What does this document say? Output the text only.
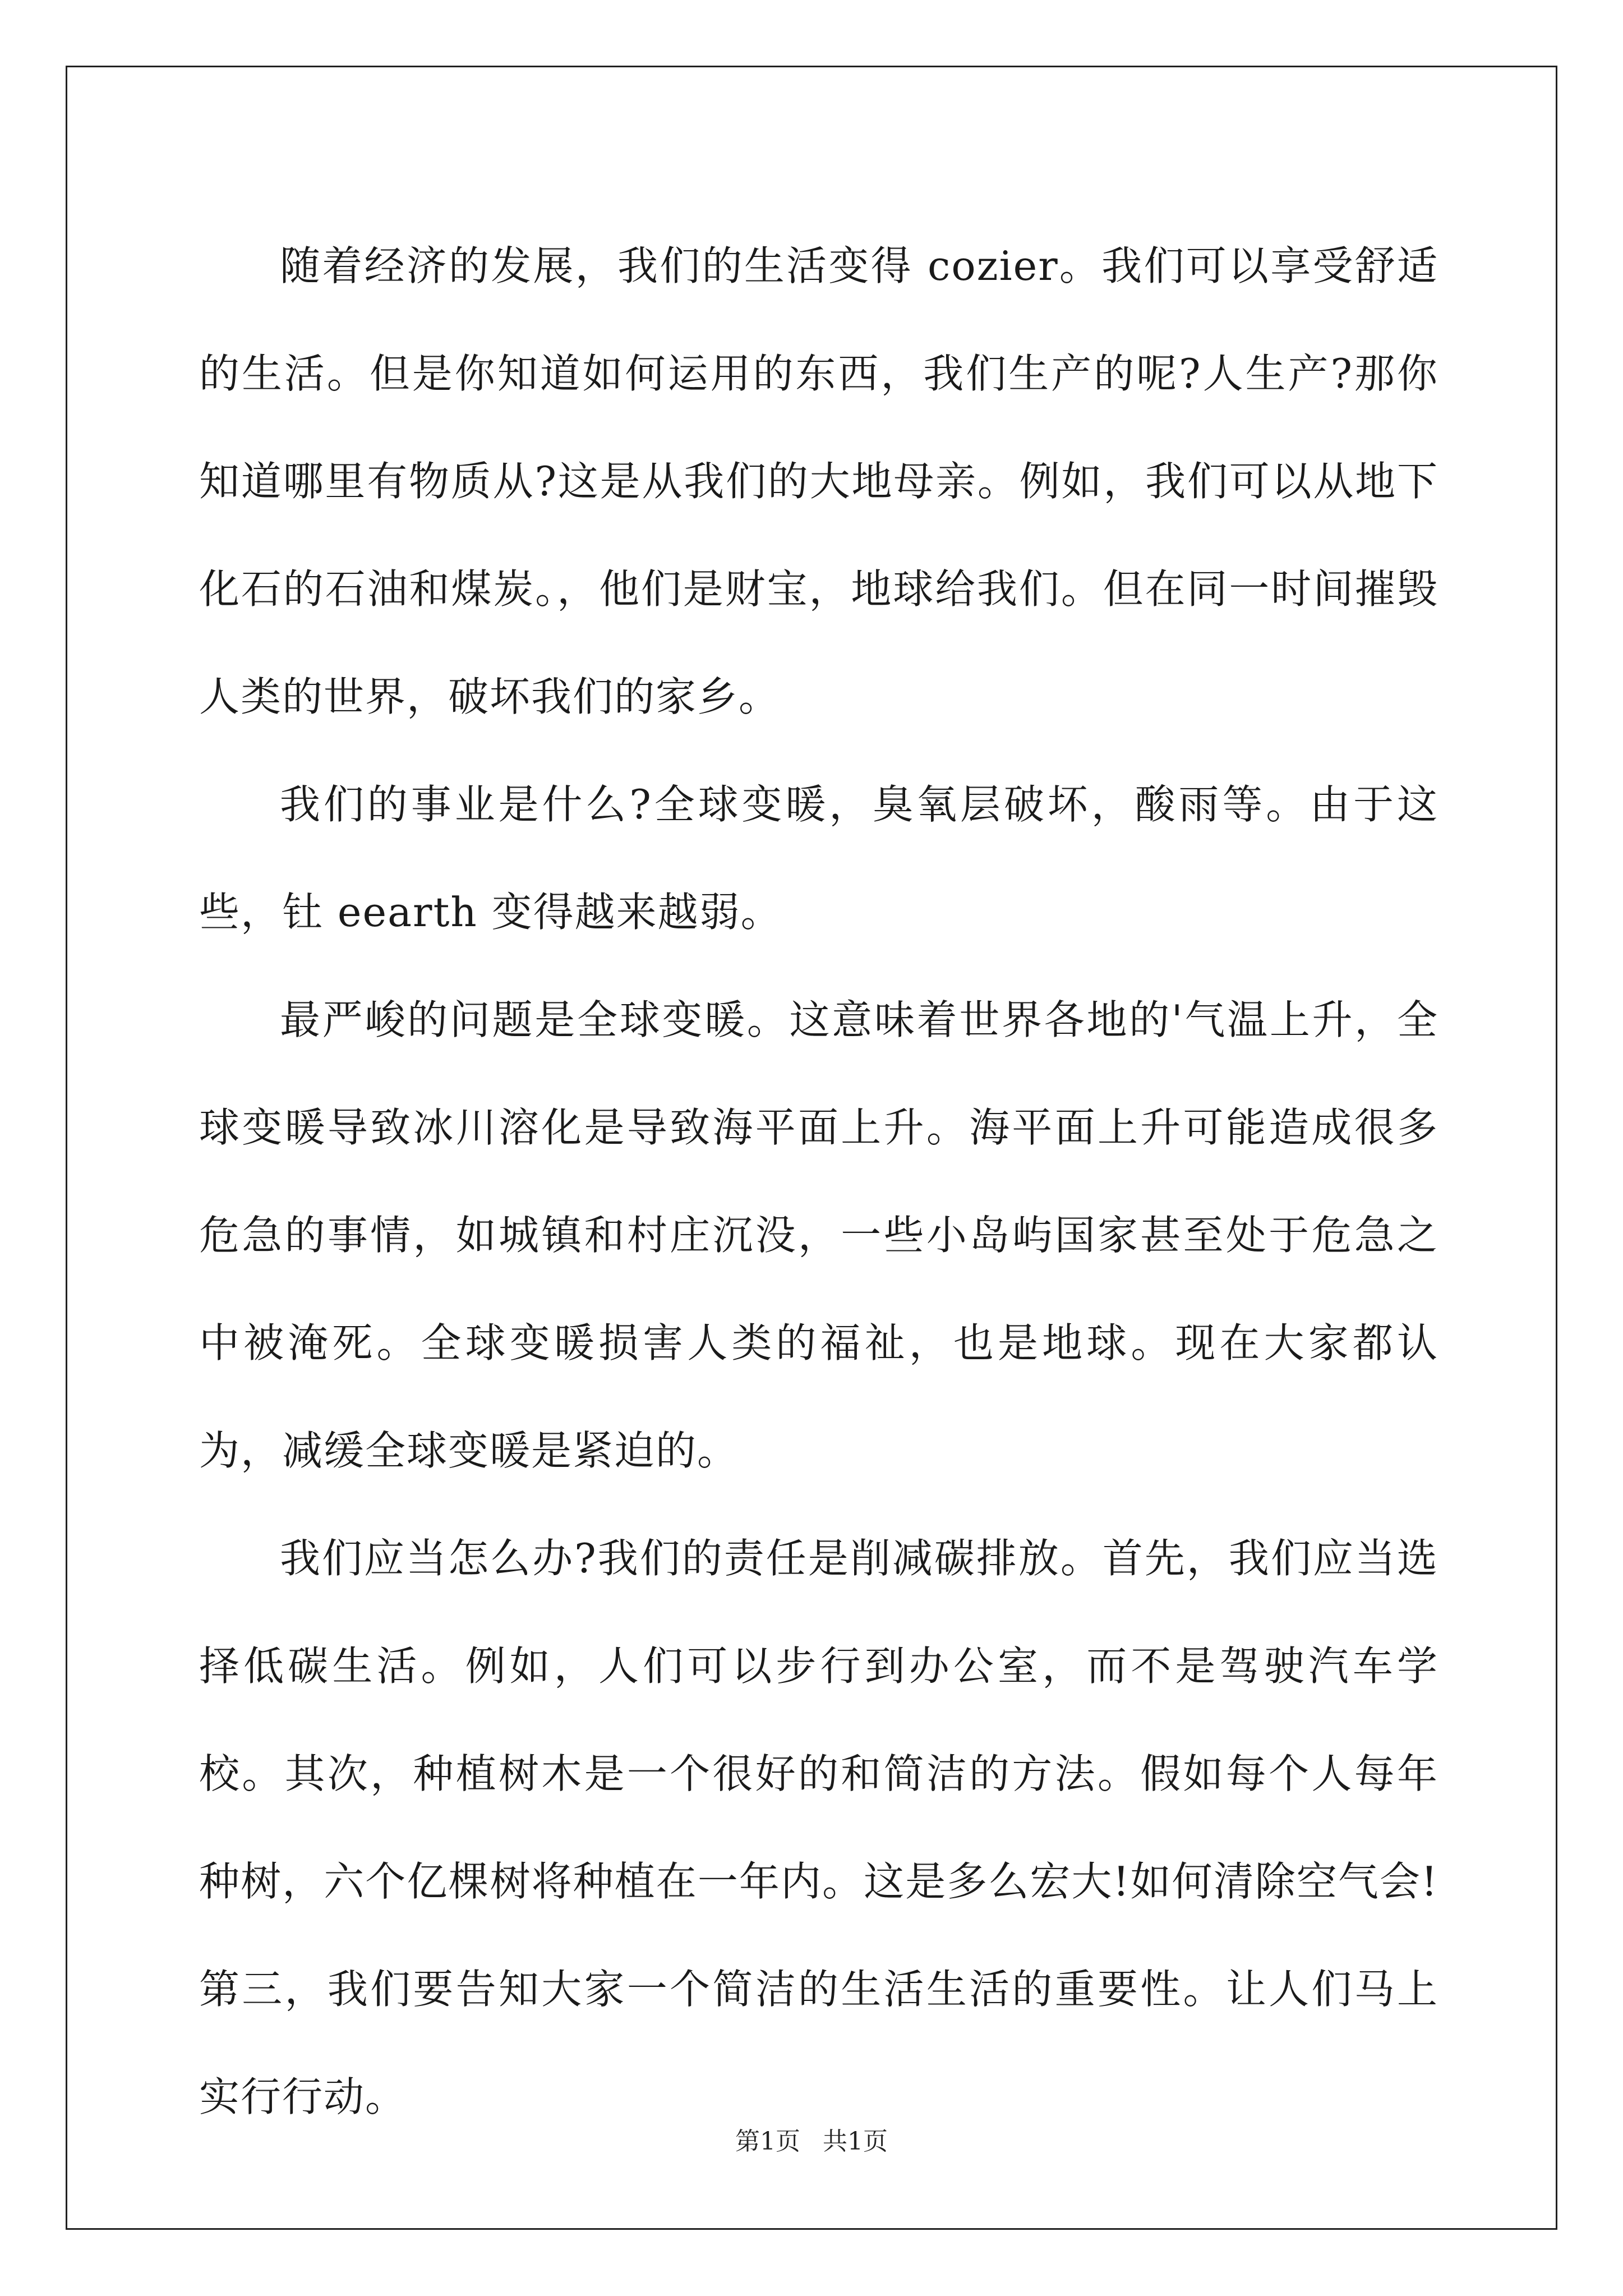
随着经济的发展，我们的生活变得 cozier。我们可以享受舒适的生活。但是你知道如何运用的东西，我们生产的呢?人生产?那你知道哪里有物质从?这是从我们的大地母亲。例如，我们可以从地下化石的石油和煤炭。，他们是财宝，地球给我们。但在同一时间摧毁人类的世界，破坏我们的家乡。

我们的事业是什么?全球变暖，臭氧层破坏，酸雨等。由于这些，钍 eearth 变得越来越弱。

最严峻的问题是全球变暖。这意味着世界各地的'气温上升，全球变暖导致冰川溶化是导致海平面上升。海平面上升可能造成很多危急的事情，如城镇和村庄沉没，一些小岛屿国家甚至处于危急之中被淹死。全球变暖损害人类的福祉，也是地球。现在大家都认为，减缓全球变暖是紧迫的。

我们应当怎么办?我们的责任是削减碳排放。首先，我们应当选择低碳生活。例如，人们可以步行到办公室，而不是驾驶汽车学校。其次，种植树木是一个很好的和简洁的方法。假如每个人每年种树，六个亿棵树将种植在一年内。这是多么宏大!如何清除空气会!第三，我们要告知大家一个简洁的生活生活的重要性。让人们马上实行行动。

第1页 共1页
